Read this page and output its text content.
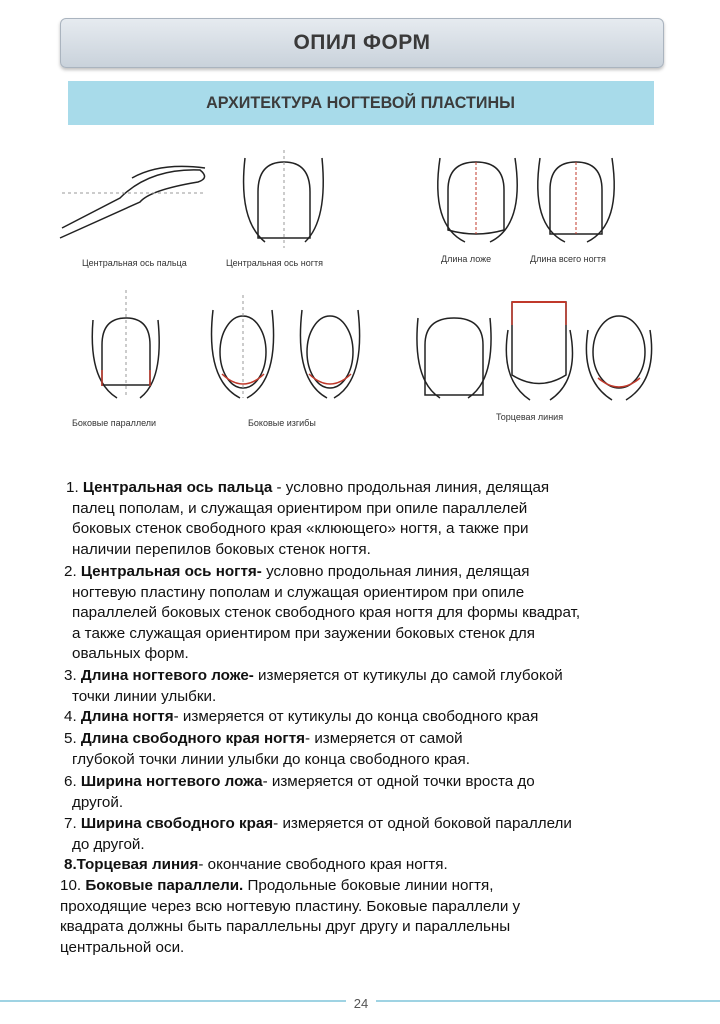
ОПИЛ ФОРМ
АРХИТЕКТУРА НОГТЕВОЙ ПЛАСТИНЫ
Центральная ось пальца	Центральная ось ногтя	Длина ложе	Длина всего ногтя
Боковые параллели	Боковые изгибы
Торцевая линия
1. Центральная ось пальца - условно продольная линия, делящая
палец пополам, и служащая ориентиром при опиле параллелей
боковых стенок свободного края «клюющего» ногтя, а также при
наличии перепилов боковых стенок ногтя.
2. Центральная ось ногтя- условно продольная линия, делящая
ногтевую пластину пополам и служащая ориентиром при опиле
параллелей боковых стенок свободного края ногтя для формы квадрат,
а также служащая ориентиром при заужении боковых стенок для
овальных форм.
3. Длина ногтевого ложе- измеряется от кутикулы до самой глубокой
точки линии улыбки.
4. Длина ногтя- измеряется от кутикулы до конца свободного края
5. Длина свободного края ногтя- измеряется от самой
глубокой точки линии улыбки до конца свободного края.
6. Ширина ногтевого ложа- измеряется от одной точки вроста до
другой.
7. Ширина свободного края- измеряется от одной боковой параллели
до другой.
8.Торцевая линия- окончание свободного края ногтя.
10. Боковые параллели. Продольные боковые линии ногтя,
проходящие через всю ногтевую пластину. Боковые параллели у
квадрата должны быть параллельны друг другу и параллельны
центральной оси.
24
